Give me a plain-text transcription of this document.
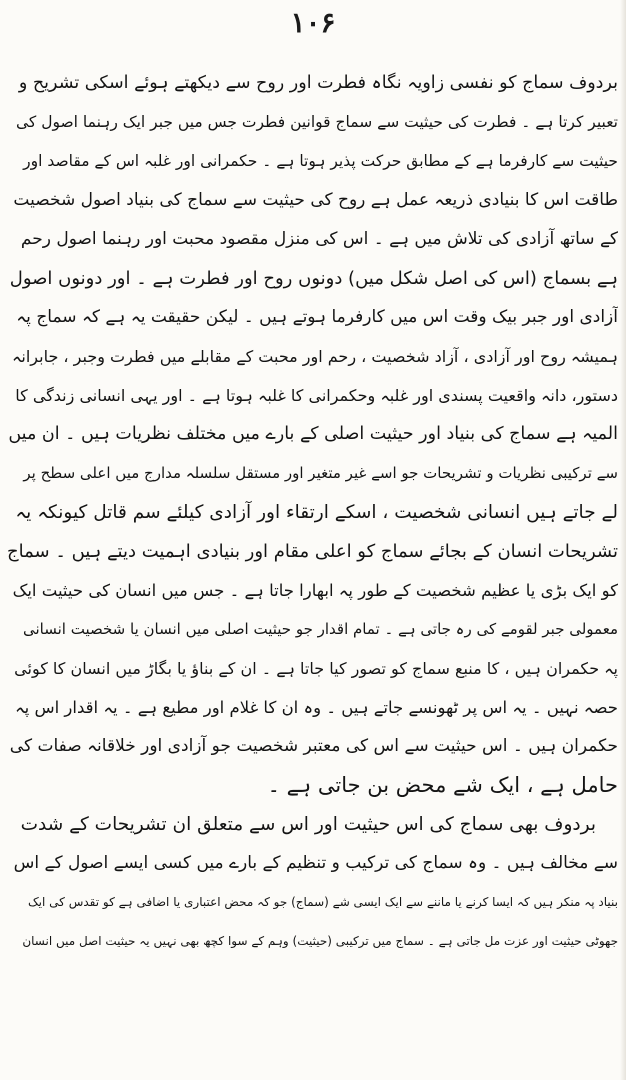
۱۰۶
بردوف سماج کو نفسی زاویہ نگاہ فطرت اور روح سے دیکھتے ہوئے اسکی تشریح و
تعبیر کرتا ہے ۔ فطرت کی حیثیت سے سماج قوانین فطرت جس میں جبر ایک رہنما اصول کی
حیثیت سے کارفرما ہے کے مطابق حرکت پذیر ہوتا ہے ۔ حکمرانی اور غلبہ اس کے مقاصد اور
طاقت اس کا بنیادی ذریعہ عمل ہے روح کی حیثیت سے سماج کی بنیاد اصول شخصیت
کے ساتھ آزادی کی تلاش میں ہے ۔ اس کی منزل مقصود محبت اور رہنما اصول رحم
ہے بسماج (اس کی اصل شکل میں) دونوں روح اور فطرت ہے ۔ اور دونوں اصول
آزادی اور جبر بیک وقت اس میں کارفرما ہوتے ہیں ۔ لیکن حقیقت یہ ہے کہ سماج پہ
ہمیشہ روح اور آزادی ، آزاد شخصیت ، رحم اور محبت کے مقابلے میں فطرت وجبر ، جابرانہ
دستور، دانہ واقعیت پسندی اور غلبہ وحکمرانی کا غلبہ ہوتا ہے ۔ اور یہی انسانی زندگی کا
المیہ ہے سماج کی بنیاد اور حیثیت اصلی کے بارے میں مختلف نظریات ہیں ۔ ان میں
سے ترکیبی نظریات و تشریحات جو اسے غیر متغیر اور مستقل سلسلہ مدارج میں اعلی سطح پر
لے جاتے ہیں انسانی شخصیت ، اسکے ارتقاء اور آزادی کیلئے سم قاتل کیونکہ یہ
تشریحات انسان کے بجائے سماج کو اعلی مقام اور بنیادی اہمیت دیتے ہیں ۔ سماج
کو ایک بڑی یا عظیم شخصیت کے طور پہ ابھارا جاتا ہے ۔ جس میں انسان کی حیثیت ایک
معمولی جبر لقومے کی رہ جاتی ہے ۔ تمام اقدار جو حیثیت اصلی میں انسان یا شخصیت انسانی
پہ حکمران ہیں ، کا منبع سماج کو تصور کیا جاتا ہے ۔ ان کے بناؤ یا بگاڑ میں انسان کا کوئی
حصہ نہیں ۔ یہ اس پر ٹھونسے جاتے ہیں ۔ وہ ان کا غلام اور مطیع ہے ۔ یہ اقدار اس پہ
حکمران ہیں ۔ اس حیثیت سے اس کی معتبر شخصیت جو آزادی اور خلاقانہ صفات کی
حامل ہے ، ایک شے محض بن جاتی ہے ۔
بردوف بھی سماج کی اس حیثیت اور اس سے متعلق ان تشریحات کے شدت
سے مخالف ہیں ۔ وہ سماج کی ترکیب و تنظیم کے بارے میں کسی ایسے اصول کے اس
بنیاد پہ منکر ہیں کہ ایسا کرنے یا ماننے سے ایک ایسی شے (سماج) جو کہ محض اعتباری یا اضافی ہے کو تقدس کی ایک
جھوٹی حیثیت اور عزت مل جاتی ہے ۔ سماج میں ترکیبی (حیثیت) وہم کے سوا کچھ بھی نہیں یہ حیثیت اصل میں انسان
